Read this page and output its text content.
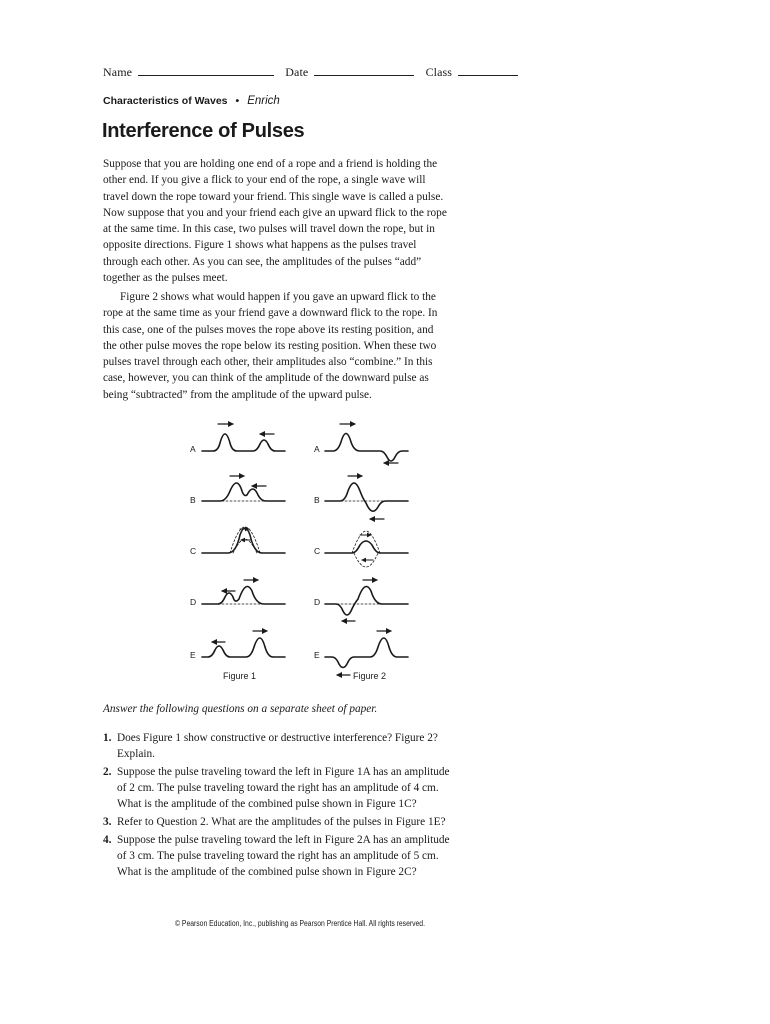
Name	Date	Class
Characteristics of Waves • Enrich
Interference of Pulses

Suppose that you are holding one end of a rope and a friend is holding the other end. If you give a flick to your end of the rope, a single wave will travel down the rope toward your friend. This single wave is called a pulse. Now suppose that you and your friend each give an upward flick to the rope at the same time. In this case, two pulses will travel down the rope, but in opposite directions. Figure 1 shows what happens as the pulses travel through each other. As you can see, the amplitudes of the pulses “add” together as the pulses meet.

Figure 2 shows what would happen if you gave an upward flick to the rope at the same time as your friend gave a downward flick to the rope. In this case, one of the pulses moves the rope above its resting position, and the other pulse moves the rope below its resting position. When these two pulses travel through each other, their amplitudes also “combine.” In this case, however, you can think of the amplitude of the downward pulse as being “subtracted” from the amplitude of the upward pulse.

A
B
C
D
E
Figure 1
A
B
C
D
E
Figure 2

Answer the following questions on a separate sheet of paper.

1. Does Figure 1 show constructive or destructive interference? Figure 2? Explain.
2. Suppose the pulse traveling toward the left in Figure 1A has an amplitude of 2 cm. The pulse traveling toward the right has an amplitude of 4 cm. What is the amplitude of the combined pulse shown in Figure 1C?
3. Refer to Question 2. What are the amplitudes of the pulses in Figure 1E?
4. Suppose the pulse traveling toward the left in Figure 2A has an amplitude of 3 cm. The pulse traveling toward the right has an amplitude of 5 cm. What is the amplitude of the combined pulse shown in Figure 2C?
© Pearson Education, Inc., publishing as Pearson Prentice Hall. All rights reserved.
